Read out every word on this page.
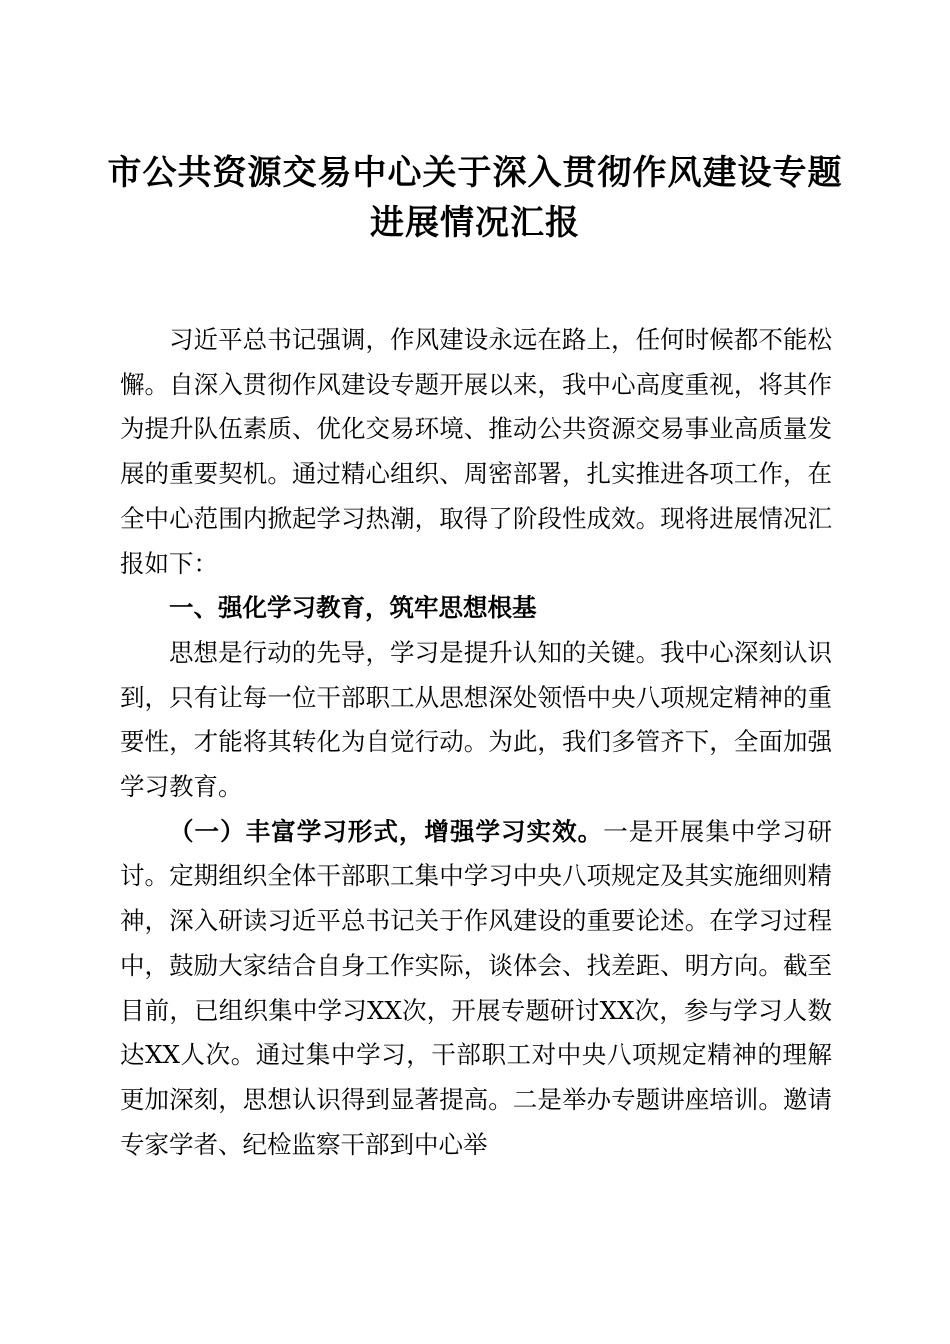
市公共资源交易中心关于深入贯彻作风建设专题进展情况汇报

习近平总书记强调，作风建设永远在路上，任何时候都不能松懈。自深入贯彻作风建设专题开展以来，我中心高度重视，将其作为提升队伍素质、优化交易环境、推动公共资源交易事业高质量发展的重要契机。通过精心组织、周密部署，扎实推进各项工作，在全中心范围内掀起学习热潮，取得了阶段性成效。现将进展情况汇报如下：

一、强化学习教育，筑牢思想根基

思想是行动的先导，学习是提升认知的关键。我中心深刻认识到，只有让每一位干部职工从思想深处领悟中央八项规定精神的重要性，才能将其转化为自觉行动。为此，我们多管齐下，全面加强学习教育。

（一）丰富学习形式，增强学习实效。一是开展集中学习研讨。定期组织全体干部职工集中学习中央八项规定及其实施细则精神，深入研读习近平总书记关于作风建设的重要论述。在学习过程中，鼓励大家结合自身工作实际，谈体会、找差距、明方向。截至目前，已组织集中学习XX次，开展专题研讨XX次，参与学习人数达XX人次。通过集中学习，干部职工对中央八项规定精神的理解更加深刻，思想认识得到显著提高。二是举办专题讲座培训。邀请专家学者、纪检监察干部到中心举
